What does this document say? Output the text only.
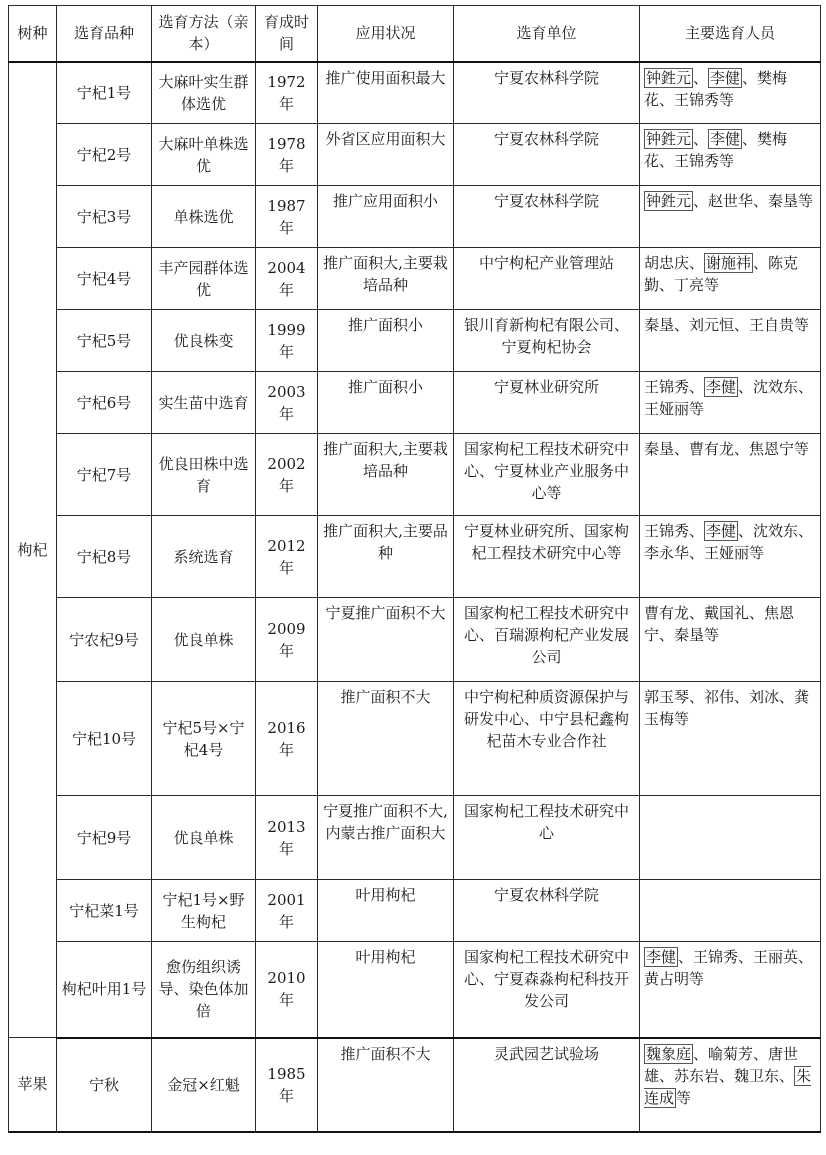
树种	选育品种	选育方法（亲本）	育成时间	应用状况	选育单位	主要选育人员
枸杞	宁杞1号	大麻叶实生群体选优	1972年	推广使用面积最大	宁夏农林科学院	钟鉎元 、 李健 、樊梅花、王锦秀等
	宁杞2号	大麻叶单株选优	1978年	外省区应用面积大	宁夏农林科学院	钟鉎元 、 李健 、樊梅花、王锦秀等
	宁杞3号	单株选优	1987年	推广应用面积小	宁夏农林科学院	钟鉎元 、赵世华、秦垦等
	宁杞4号	丰产园群体选优	2004年	推广面积大,主要栽培品种	中宁枸杞产业管理站	胡忠庆、 谢施祎 、陈克勤、丁亮等
	宁杞5号	优良株变	1999年	推广面积小	银川育新枸杞有限公司、宁夏枸杞协会	秦垦、刘元恒、王自贵等
	宁杞6号	实生苗中选育	2003年	推广面积小	宁夏林业研究所	王锦秀、 李健 、沈效东、王娅丽等
	宁杞7号	优良田株中选育	2002年	推广面积大,主要栽培品种	国家枸杞工程技术研究中心、宁夏林业产业服务中心等	秦垦、曹有龙、焦恩宁等
	宁杞8号	系统选育	2012年	推广面积大,主要品种	宁夏林业研究所、国家枸杞工程技术研究中心等	王锦秀、 李健 、沈效东、李永华、王娅丽等
	宁农杞9号	优良单株	2009年	宁夏推广面积不大	国家枸杞工程技术研究中心、百瑞源枸杞产业发展公司	曹有龙、戴国礼、焦恩宁、秦垦等
	宁杞10号	宁杞5号×宁杞4号	2016年	推广面积不大	中宁枸杞种质资源保护与研发中心、中宁县杞鑫枸杞苗木专业合作社	郭玉琴、祁伟、刘冰、龚玉梅等
	宁杞9号	优良单株	2013年	宁夏推广面积不大,内蒙古推广面积大	国家枸杞工程技术研究中心	
	宁杞菜1号	宁杞1号×野生枸杞	2001年	叶用枸杞	宁夏农林科学院	
	枸杞叶用1号	愈伤组织诱导、染色体加倍	2010年	叶用枸杞	国家枸杞工程技术研究中心、宁夏森淼枸杞科技开发公司	李健 、王锦秀、王丽英、黄占明等
苹果	宁秋	金冠×红魁	1985年	推广面积不大	灵武园艺试验场	魏象庭 、喻菊芳、唐世雄、苏东岩、魏卫东、 朱连成 等
